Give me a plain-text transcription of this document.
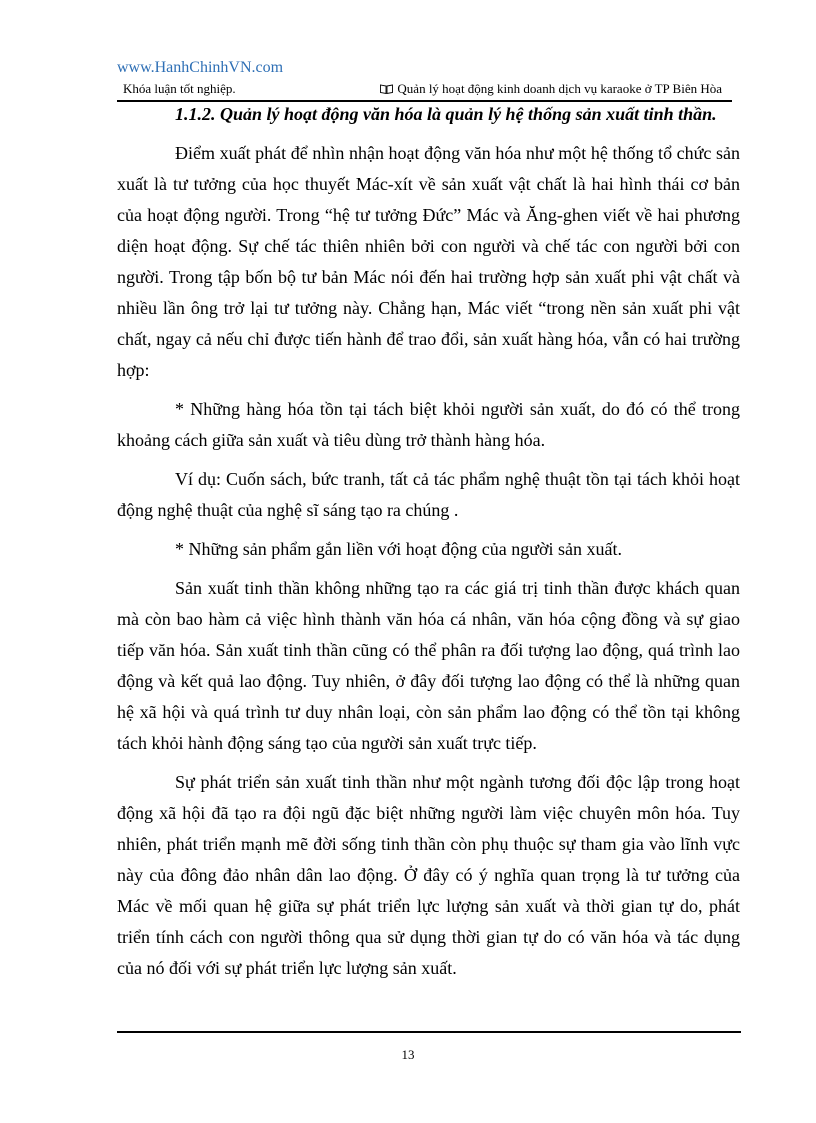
www.HanhChinhVN.com
Khóa luận tốt nghiệp.	Quản lý hoạt động kinh doanh dịch vụ karaoke ở TP Biên Hòa

1.1.2. Quản lý hoạt động văn hóa là quản lý hệ thống sản xuất tinh thần.

Điểm xuất phát để nhìn nhận hoạt động văn hóa như một hệ thống tổ chức sản xuất là tư tưởng của học thuyết Mác-xít về sản xuất vật chất là hai hình thái cơ bản của hoạt động người. Trong “hệ tư tưởng Đức” Mác và Ăng-ghen viết về hai phương diện hoạt động. Sự chế tác thiên nhiên bởi con người và chế tác con người bởi con người. Trong tập bốn bộ tư bản Mác nói đến hai trường hợp sản xuất phi vật chất và nhiều lần ông trở lại tư tưởng này. Chẳng hạn, Mác viết “trong nền sản xuất phi vật chất, ngay cả nếu chỉ được tiến hành để trao đổi, sản xuất hàng hóa, vẫn có hai trường hợp:

* Những hàng hóa tồn tại tách biệt khỏi người sản xuất, do đó có thể trong khoảng cách giữa sản xuất và tiêu dùng trở thành hàng hóa.

Ví dụ: Cuốn sách, bức tranh, tất cả tác phẩm nghệ thuật tồn tại tách khỏi hoạt động nghệ thuật của nghệ sĩ sáng tạo ra chúng .

* Những sản phẩm gắn liền với hoạt động của người sản xuất.

Sản xuất tinh thần không những tạo ra các giá trị tinh thần được khách quan mà còn bao hàm cả việc hình thành văn hóa cá nhân, văn hóa cộng đồng và sự giao tiếp văn hóa. Sản xuất tinh thần cũng có thể phân ra đối tượng lao động, quá trình lao động và kết quả lao động. Tuy nhiên, ở đây đối tượng lao động có thể là những quan hệ xã hội và quá trình tư duy nhân loại, còn sản phẩm lao động có thể tồn tại không tách khỏi hành động sáng tạo của người sản xuất trực tiếp.

Sự phát triển sản xuất tinh thần như một ngành tương đối độc lập trong hoạt động xã hội đã tạo ra đội ngũ đặc biệt những người làm việc chuyên môn hóa. Tuy nhiên, phát triển mạnh mẽ đời sống tinh thần còn phụ thuộc sự tham gia vào lĩnh vực này của đông đảo nhân dân lao động. Ở đây có ý nghĩa quan trọng là tư tưởng của Mác về mối quan hệ giữa sự phát triển lực lượng sản xuất và thời gian tự do, phát triển tính cách con người thông qua sử dụng thời gian tự do có văn hóa và tác dụng của nó đối với sự phát triển lực lượng sản xuất.

13
